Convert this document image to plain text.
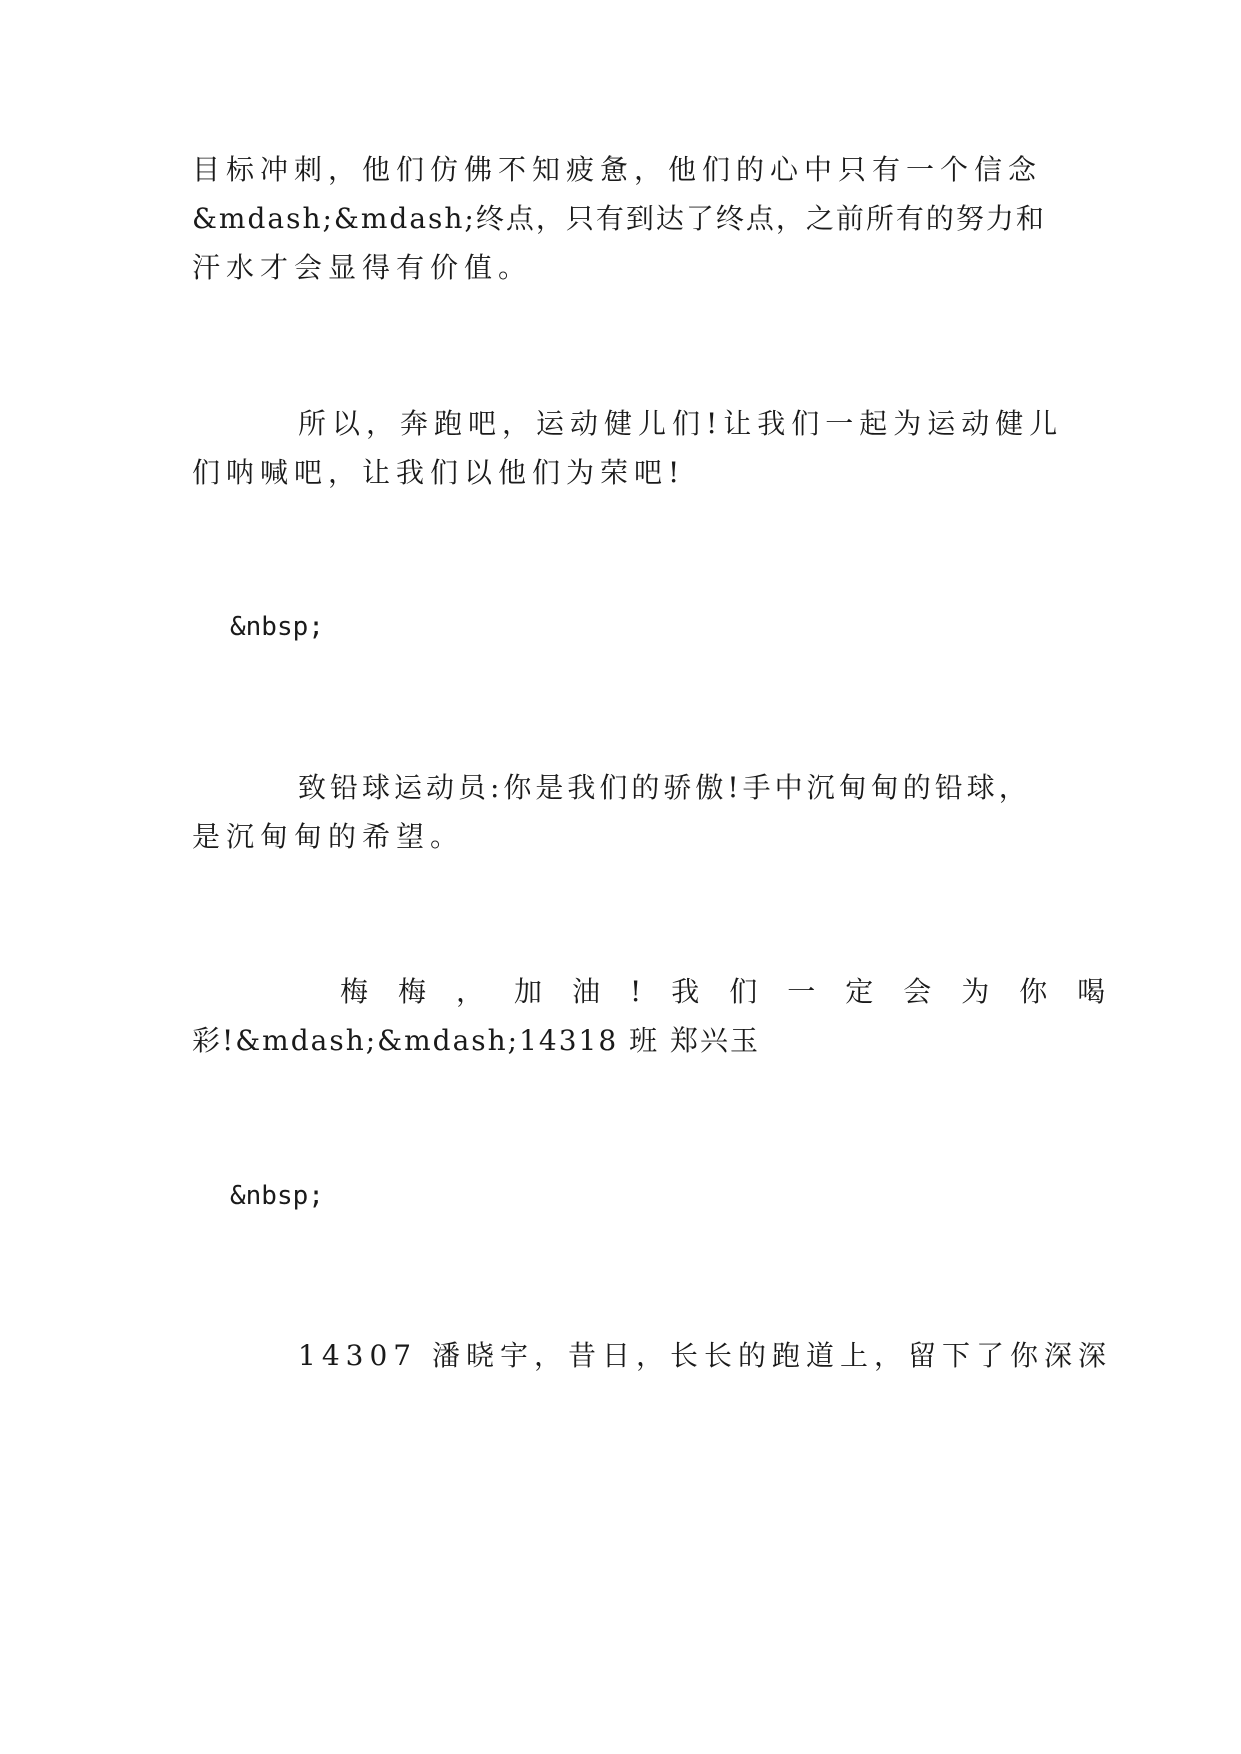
目标冲刺，他们仿佛不知疲惫，他们的心中只有一个信念
&mdash;&mdash;终点，只有到达了终点，之前所有的努力和
汗水才会显得有价值。
所以，奔跑吧，运动健儿们!让我们一起为运动健儿
们呐喊吧，让我们以他们为荣吧!
&nbsp;
致铅球运动员:你是我们的骄傲!手中沉甸甸的铅球，
是沉甸甸的希望。
梅梅，加油!我们一定会为你喝
彩!&mdash;&mdash;14318 班 郑兴玉
&nbsp;
14307 潘晓宇，昔日，长长的跑道上，留下了你深深
